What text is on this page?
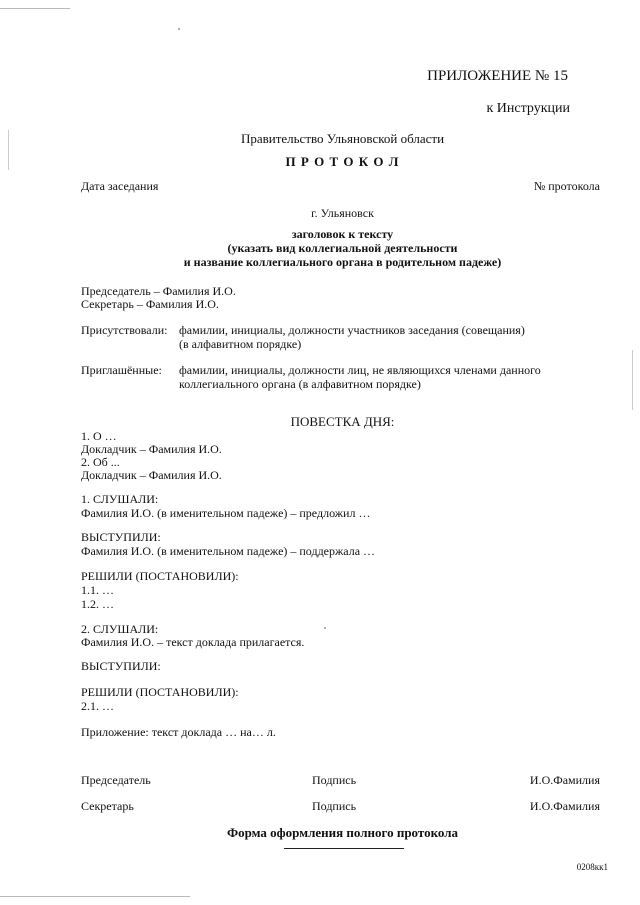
ПРИЛОЖЕНИЕ № 15
к Инструкции
Правительство Ульяновской области
П Р О Т О К О Л
Дата заседания	№ протокола
г. Ульяновск
заголовок к тексту
(указать вид коллегиальной деятельности
и название коллегиального органа в родительном падеже)
Председатель – Фамилия И.О.
Секретарь – Фамилия И.О.
Присутствовали: фамилии, инициалы, должности участников заседания (совещания)
(в алфавитном порядке)
Приглашённые: фамилии, инициалы, должности лиц, не являющихся членами данного
коллегиального органа (в алфавитном порядке)
ПОВЕСТКА ДНЯ:
1. О …
Докладчик – Фамилия И.О.
2. Об ...
Докладчик – Фамилия И.О.
1. СЛУШАЛИ:
Фамилия И.О. (в именительном падеже) – предложил …
ВЫСТУПИЛИ:
Фамилия И.О. (в именительном падеже) – поддержала …
РЕШИЛИ (ПОСТАНОВИЛИ):
1.1. …
1.2. …
2. СЛУШАЛИ:
Фамилия И.О. – текст доклада прилагается.
ВЫСТУПИЛИ:
РЕШИЛИ (ПОСТАНОВИЛИ):
2.1. …
Приложение: текст доклада … на… л.
Председатель	Подпись	И.О.Фамилия
Секретарь	Подпись	И.О.Фамилия
Форма оформления полного протокола
0208кк1
